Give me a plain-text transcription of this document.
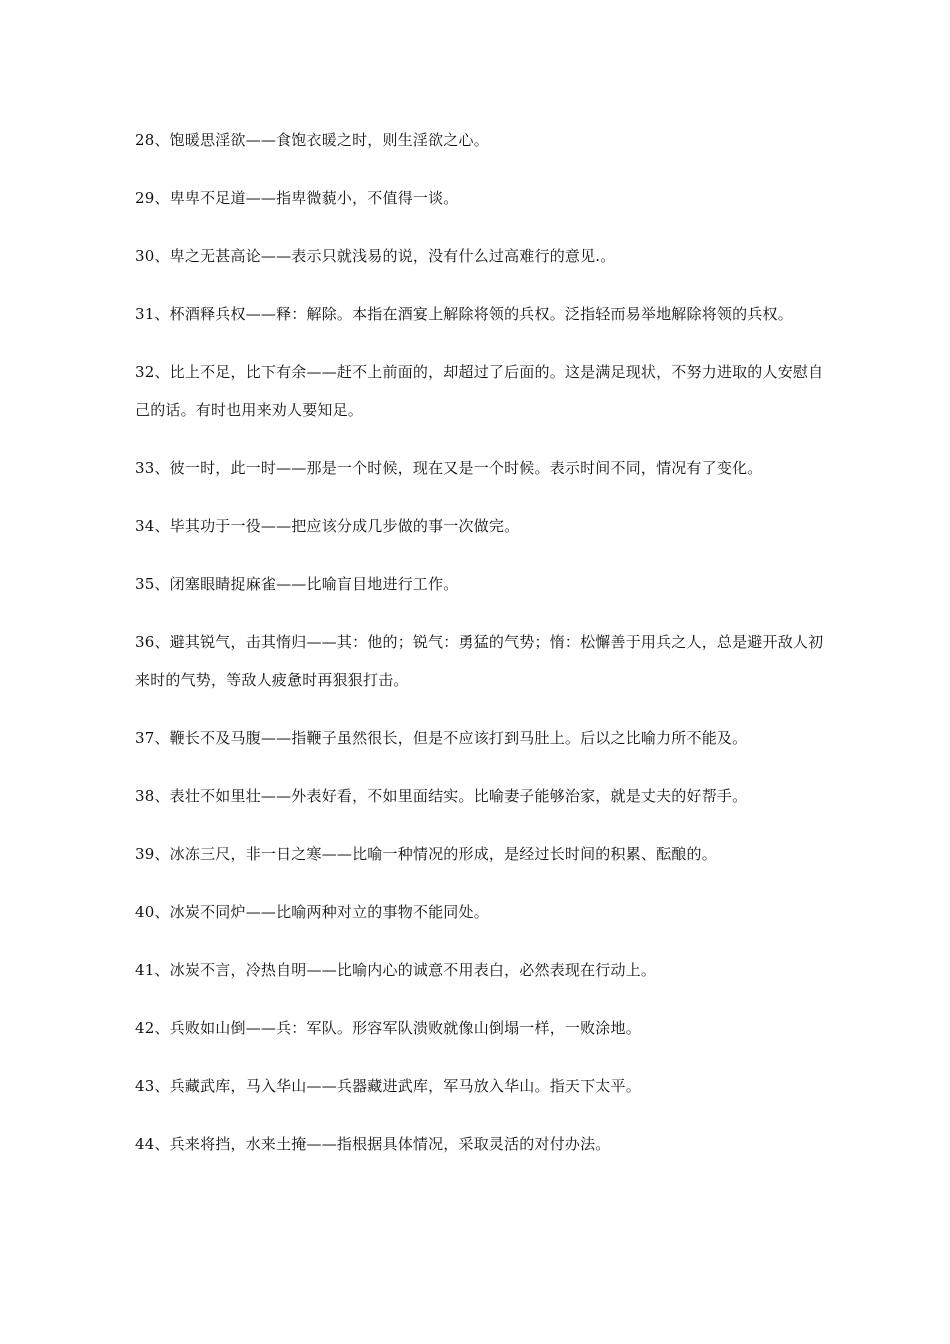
28、饱暖思淫欲——食饱衣暖之时，则生淫欲之心。

29、卑卑不足道——指卑微藐小，不值得一谈。

30、卑之无甚高论——表示只就浅易的说，没有什么过高难行的意见.。

31、杯酒释兵权——释：解除。本指在酒宴上解除将领的兵权。泛指轻而易举地解除将领的兵权。

32、比上不足，比下有余——赶不上前面的，却超过了后面的。这是满足现状，不努力进取的人安慰自己的话。有时也用来劝人要知足。

33、彼一时，此一时——那是一个时候，现在又是一个时候。表示时间不同，情况有了变化。

34、毕其功于一役——把应该分成几步做的事一次做完。

35、闭塞眼睛捉麻雀——比喻盲目地进行工作。

36、避其锐气，击其惰归——其：他的；锐气：勇猛的气势；惰：松懈善于用兵之人，总是避开敌人初来时的气势，等敌人疲惫时再狠狠打击。

37、鞭长不及马腹——指鞭子虽然很长，但是不应该打到马肚上。后以之比喻力所不能及。

38、表壮不如里壮——外表好看，不如里面结实。比喻妻子能够治家，就是丈夫的好帮手。

39、冰冻三尺，非一日之寒——比喻一种情况的形成，是经过长时间的积累、酝酿的。

40、冰炭不同炉——比喻两种对立的事物不能同处。

41、冰炭不言，冷热自明——比喻内心的诚意不用表白，必然表现在行动上。

42、兵败如山倒——兵：军队。形容军队溃败就像山倒塌一样，一败涂地。

43、兵藏武库，马入华山——兵器藏进武库，军马放入华山。指天下太平。

44、兵来将挡，水来土掩——指根据具体情况，采取灵活的对付办法。
